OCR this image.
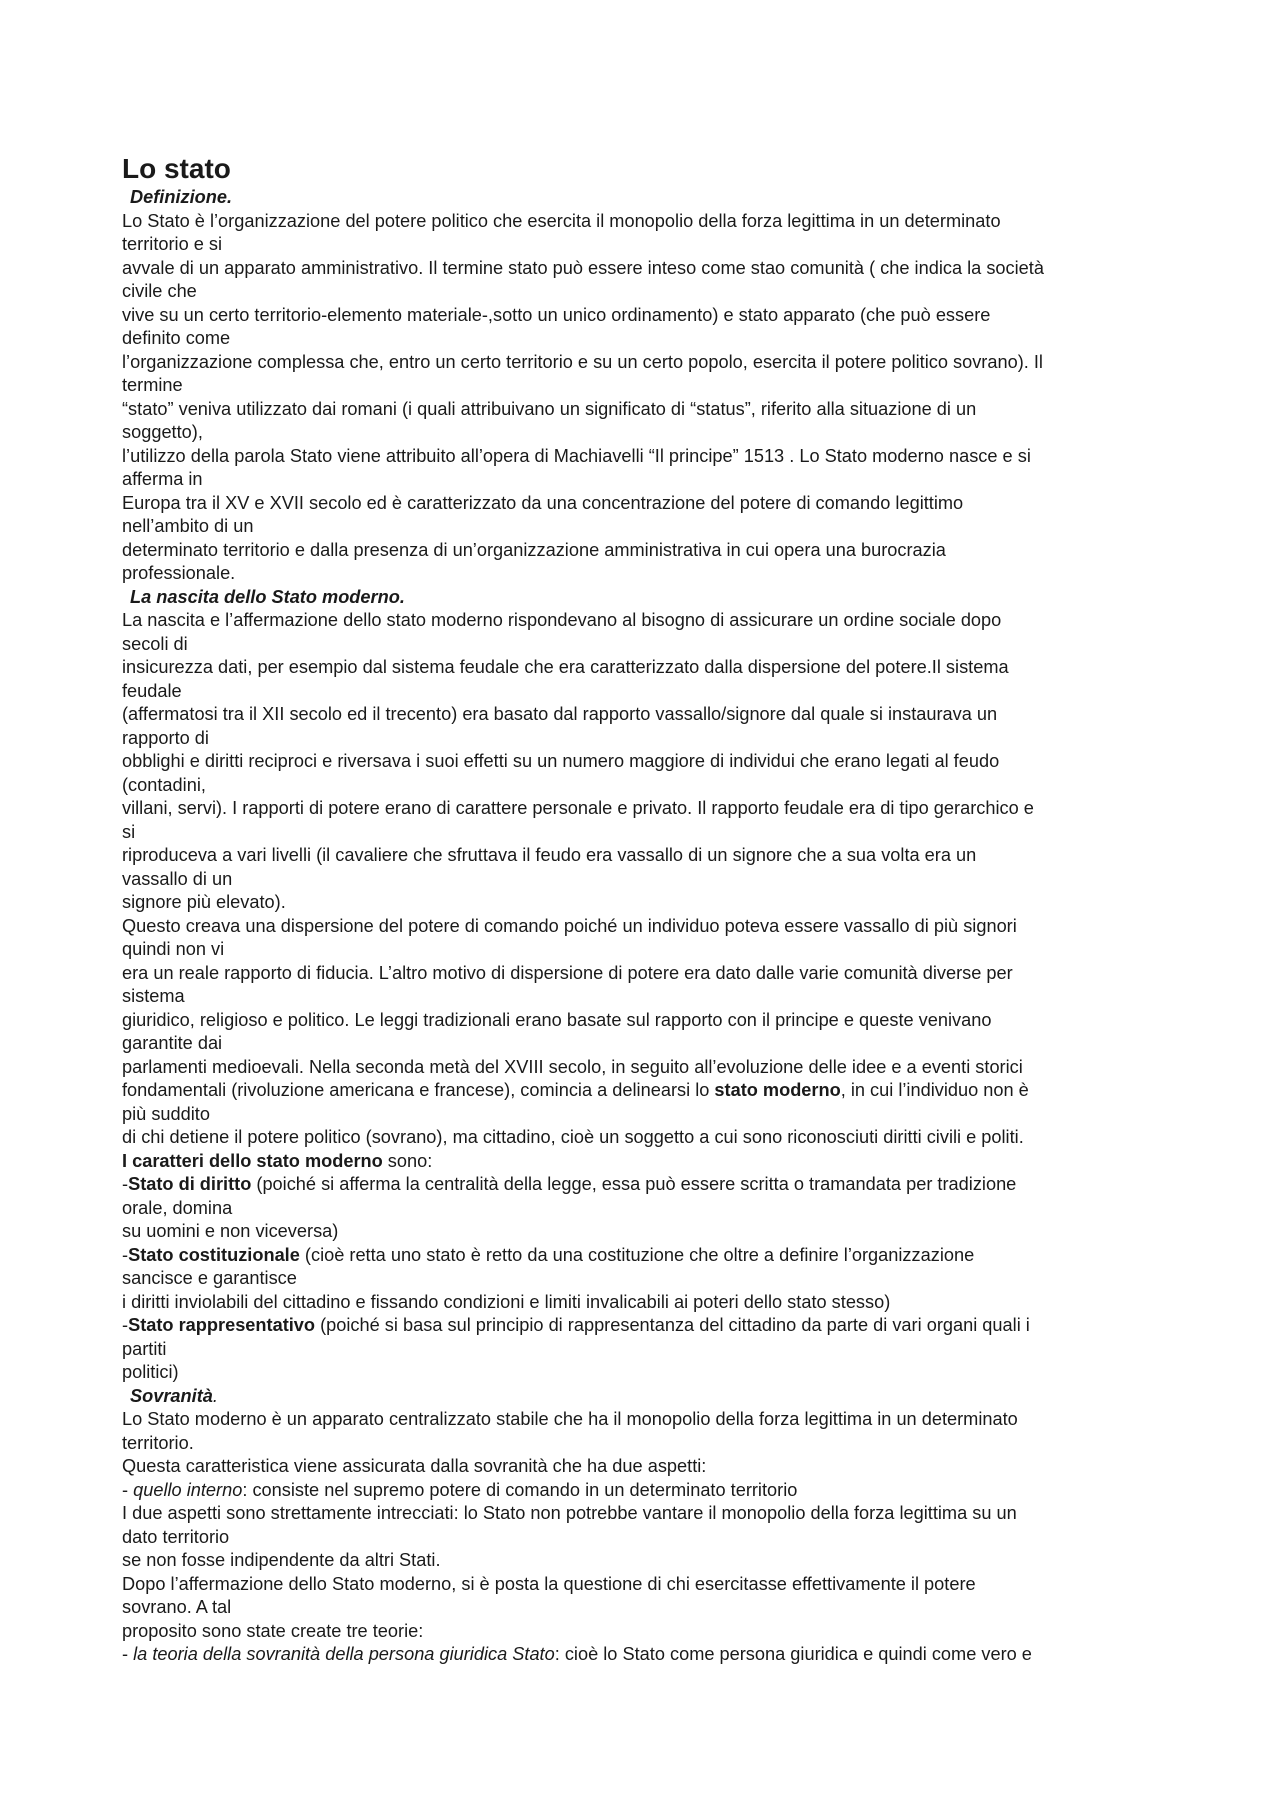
Lo stato
Definizione.
Lo Stato è l’organizzazione del potere politico che esercita il monopolio della forza legittima in un determinato
territorio e si
avvale di un apparato amministrativo. Il termine stato può essere inteso come stao comunità ( che indica la società
civile che
vive su un certo territorio-elemento materiale-,sotto un unico ordinamento) e stato apparato (che può essere
definito come
l’organizzazione complessa che, entro un certo territorio e su un certo popolo, esercita il potere politico sovrano). Il
termine
“stato” veniva utilizzato dai romani (i quali attribuivano un significato di “status”, riferito alla situazione di un
soggetto),
l’utilizzo della parola Stato viene attribuito all’opera di Machiavelli “Il principe” 1513 . Lo Stato moderno nasce e si
afferma in
Europa tra il XV e XVII secolo ed è caratterizzato da una concentrazione del potere di comando legittimo
nell’ambito di un
determinato territorio e dalla presenza di un’organizzazione amministrativa in cui opera una burocrazia
professionale.
La nascita dello Stato moderno.
La nascita e l’affermazione dello stato moderno rispondevano al bisogno di assicurare un ordine sociale dopo
secoli di
insicurezza dati, per esempio dal sistema feudale che era caratterizzato dalla dispersione del potere.Il sistema
feudale
(affermatosi tra il XII secolo ed il trecento) era basato dal rapporto vassallo/signore dal quale si instaurava un
rapporto di
obblighi e diritti reciproci e riversava i suoi effetti su un numero maggiore di individui che erano legati al feudo
(contadini,
villani, servi). I rapporti di potere erano di carattere personale e privato. Il rapporto feudale era di tipo gerarchico e
si
riproduceva a vari livelli (il cavaliere che sfruttava il feudo era vassallo di un signore che a sua volta era un
vassallo di un
signore più elevato).
Questo creava una dispersione del potere di comando poiché un individuo poteva essere vassallo di più signori
quindi non vi
era un reale rapporto di fiducia. L’altro motivo di dispersione di potere era dato dalle varie comunità diverse per
sistema
giuridico, religioso e politico. Le leggi tradizionali erano basate sul rapporto con il principe e queste venivano
garantite dai
parlamenti medioevali. Nella seconda metà del XVIII secolo, in seguito all’evoluzione delle idee e a eventi storici
fondamentali (rivoluzione americana e francese), comincia a delinearsi lo stato moderno, in cui l’individuo non è
più suddito
di chi detiene il potere politico (sovrano), ma cittadino, cioè un soggetto a cui sono riconosciuti diritti civili e politi.
I caratteri dello stato moderno sono:
-Stato di diritto (poiché si afferma la centralità della legge, essa può essere scritta o tramandata per tradizione
orale, domina
su uomini e non viceversa)
-Stato costituzionale (cioè retta uno stato è retto da una costituzione che oltre a definire l’organizzazione
sancisce e garantisce
i diritti inviolabili del cittadino e fissando condizioni e limiti invalicabili ai poteri dello stato stesso)
-Stato rappresentativo (poiché si basa sul principio di rappresentanza del cittadino da parte di vari organi quali i
partiti
politici)
Sovranità.
Lo Stato moderno è un apparato centralizzato stabile che ha il monopolio della forza legittima in un determinato
territorio.
Questa caratteristica viene assicurata dalla sovranità che ha due aspetti:
- quello interno: consiste nel supremo potere di comando in un determinato territorio
I due aspetti sono strettamente intrecciati: lo Stato non potrebbe vantare il monopolio della forza legittima su un
dato territorio
se non fosse indipendente da altri Stati.
Dopo l’affermazione dello Stato moderno, si è posta la questione di chi esercitasse effettivamente il potere
sovrano. A tal
proposito sono state create tre teorie:
- la teoria della sovranità della persona giuridica Stato: cioè lo Stato come persona giuridica e quindi come vero e
